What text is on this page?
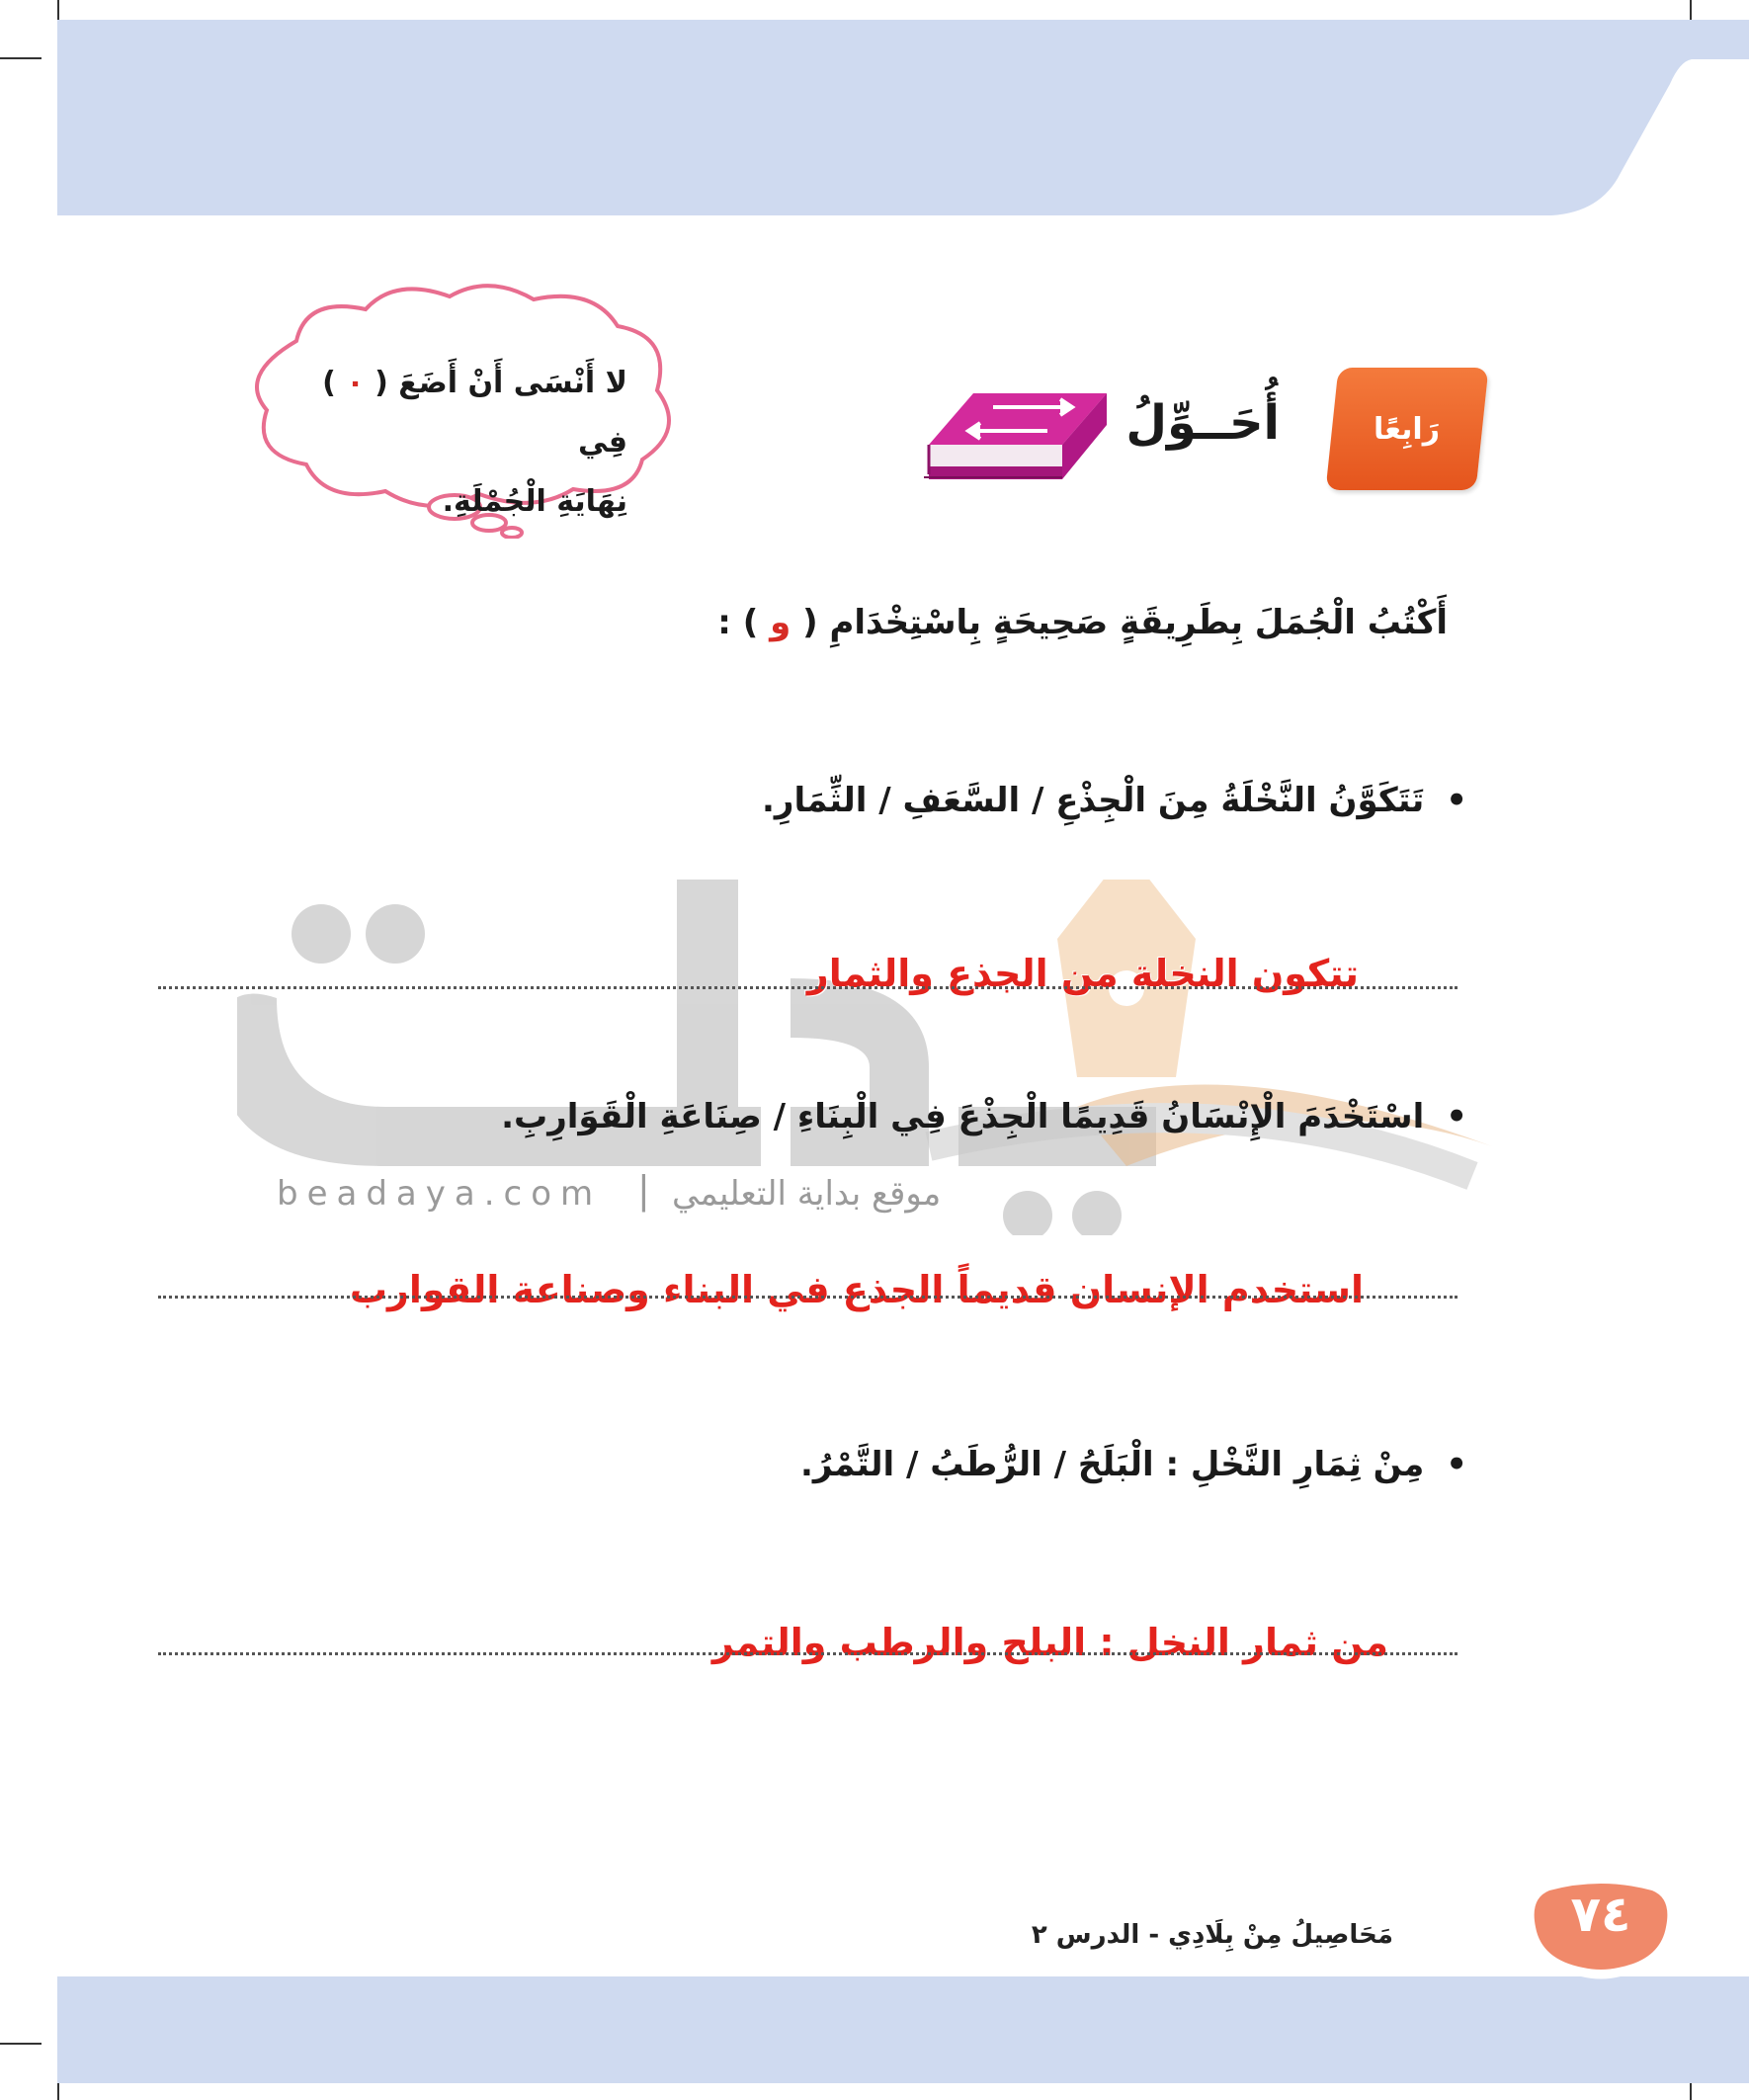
رَابِعًا
أُحَــوِّلُ
لا أَنْسَى أَنْ أَضَعَ ( ٠ ) فِي
نِهَايَةِ الْجُمْلَةِ.
أَكْتُبُ الْجُمَلَ بِطَرِيقَةٍ صَحِيحَةٍ بِاسْتِخْدَامِ ( و ) :
beadaya.com | موقع بداية التعليمي
•تَتَكَوَّنُ النَّخْلَةُ مِنَ الْجِذْعِ / السَّعَفِ / الثِّمَارِ.
تتكون النخلة من الجذع والثمار
•اسْتَخْدَمَ الْإِنْسَانُ قَدِيمًا الْجِذْعَ فِي الْبِنَاءِ / صِنَاعَةِ الْقَوَارِبِ.
استخدم الإنسان قديماً الجذع في البناء وصناعة القوارب
•مِنْ ثِمَارِ النَّخْلِ : الْبَلَحُ / الرُّطَبُ / التَّمْرُ.
من ثمار النخل : البلح والرطب والتمر
مَحَاصِيلُ مِنْ بِلَادِي - الدرس ٢	٧٤
